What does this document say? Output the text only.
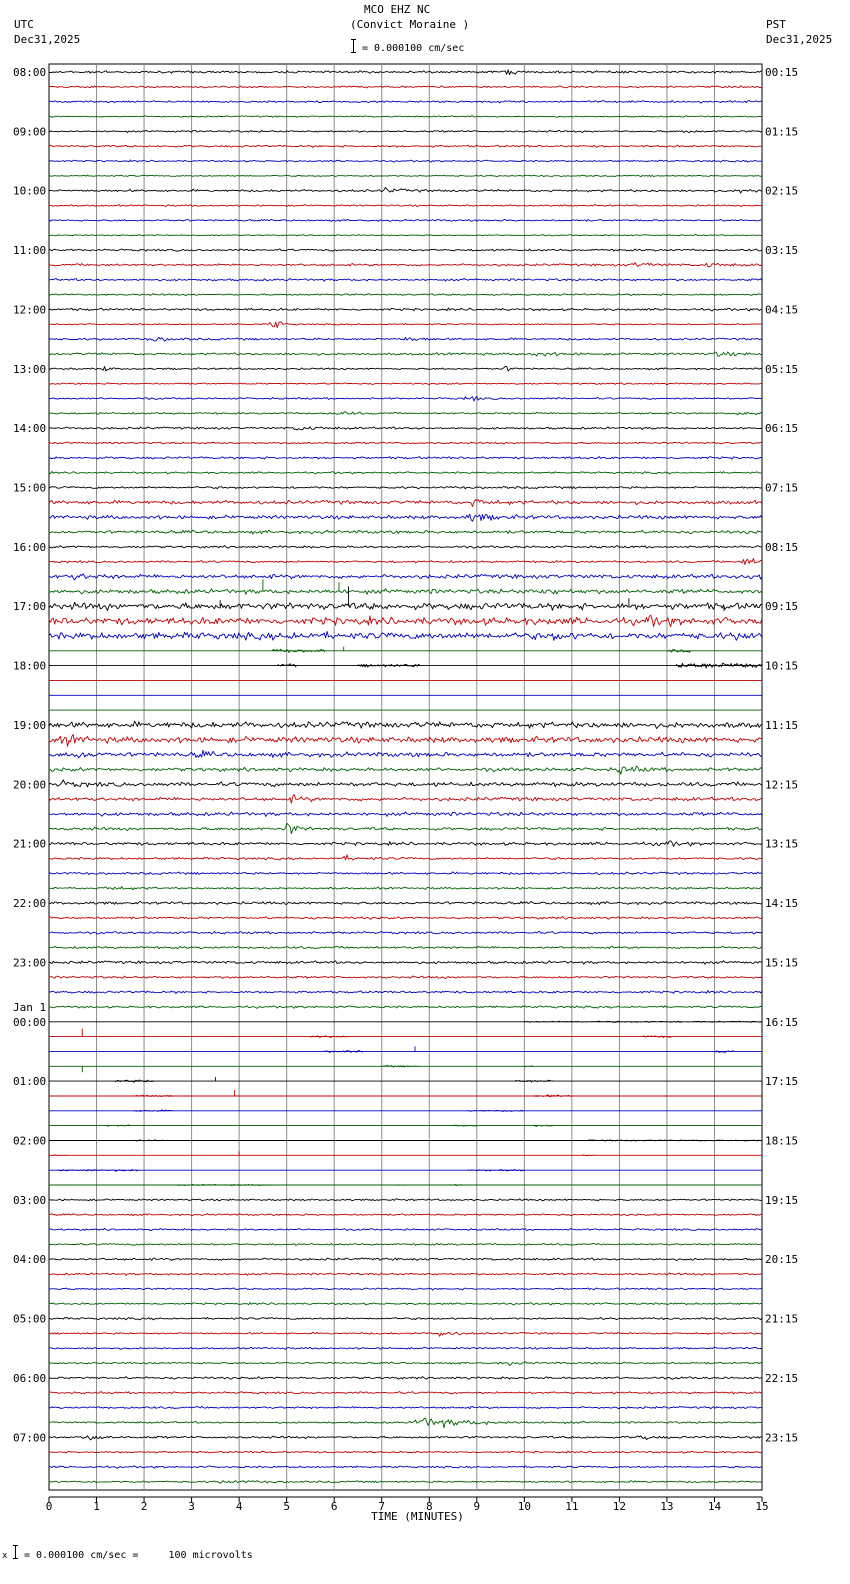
MCO EHZ NC
(Convict Moraine )
= 0.000100 cm/sec
UTC
Dec31,2025
PST
Dec31,2025
08:00	00:15
09:00	01:15
10:00	02:15
11:00	03:15
12:00	04:15
13:00	05:15
14:00	06:15
15:00	07:15
16:00	08:15
17:00	09:15
18:00	10:15
19:00	11:15
20:00	12:15
21:00	13:15
22:00	14:15
23:00	15:15
00:00	16:15
01:00	17:15
02:00	18:15
03:00	19:15
04:00	20:15
05:00	21:15
06:00	22:15
07:00	23:15
Jan 1
0	1	2	3	4	5	6	7	8	9	10	11	12	13	14	15
TIME (MINUTES)
x = 0.000100 cm/sec =     100 microvolts
